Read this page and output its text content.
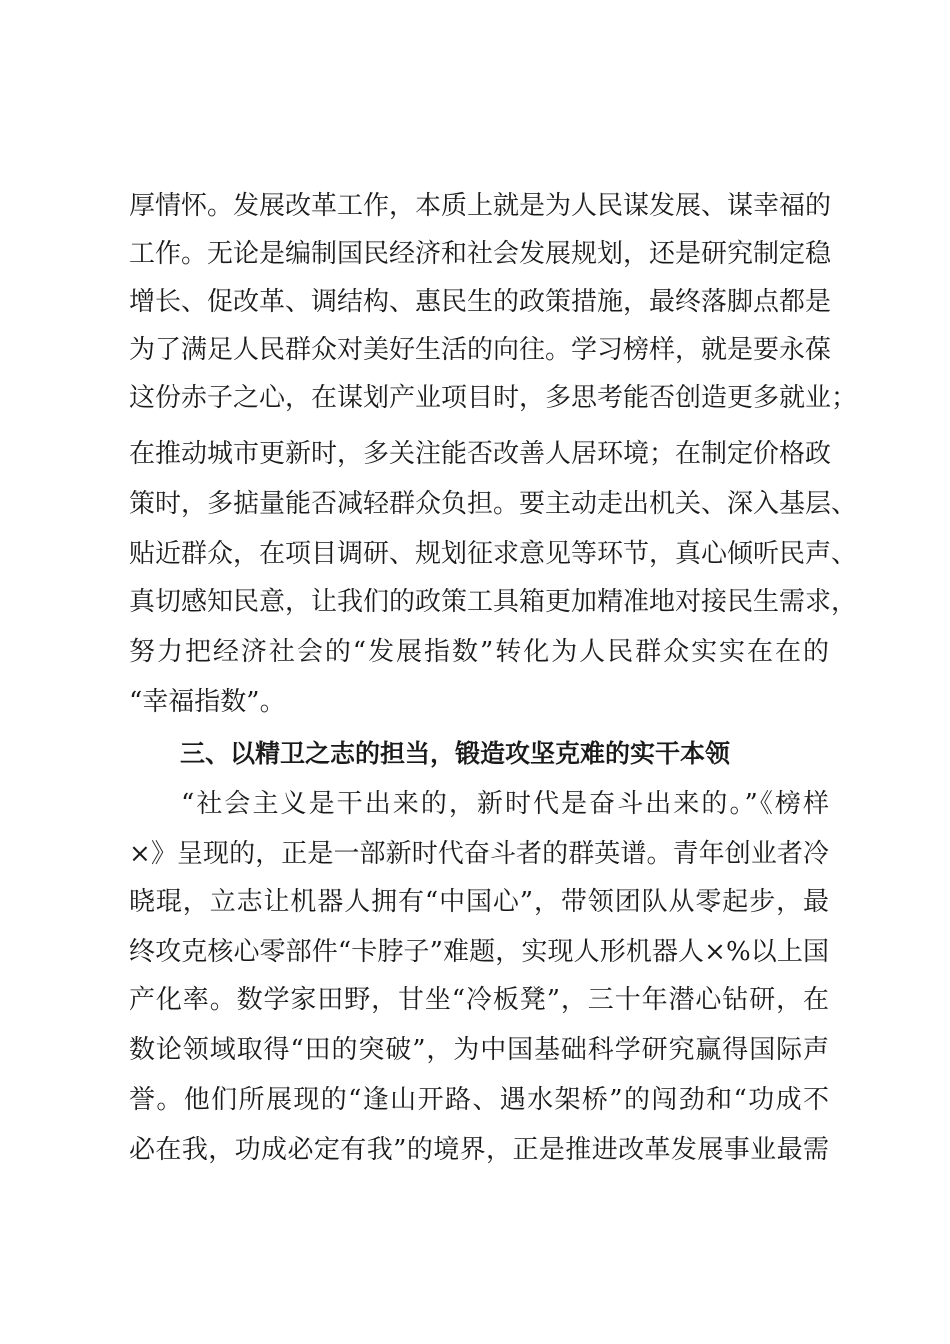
厚情怀。发展改革工作，本质上就是为人民谋发展、谋幸福的
工作。无论是编制国民经济和社会发展规划，还是研究制定稳
增长、促改革、调结构、惠民生的政策措施，最终落脚点都是
为了满足人民群众对美好生活的向往。学习榜样，就是要永葆
这份赤子之心，在谋划产业项目时，多思考能否创造更多就业；
在推动城市更新时，多关注能否改善人居环境；在制定价格政
策时，多掂量能否减轻群众负担。要主动走出机关、深入基层、
贴近群众，在项目调研、规划征求意见等环节，真心倾听民声、
真切感知民意，让我们的政策工具箱更加精准地对接民生需求，
努力把经济社会的“发展指数”转化为人民群众实实在在的
“幸福指数”。
三、以精卫之志的担当，锻造攻坚克难的实干本领
“社会主义是干出来的，新时代是奋斗出来的。”《榜样
×》呈现的，正是一部新时代奋斗者的群英谱。青年创业者冷
晓琨，立志让机器人拥有“中国心”，带领团队从零起步，最
终攻克核心零部件“卡脖子”难题，实现人形机器人×%以上国
产化率。数学家田野，甘坐“冷板凳”，三十年潜心钻研，在
数论领域取得“田的突破”，为中国基础科学研究赢得国际声
誉。他们所展现的“逢山开路、遇水架桥”的闯劲和“功成不
必在我，功成必定有我”的境界，正是推进改革发展事业最需
